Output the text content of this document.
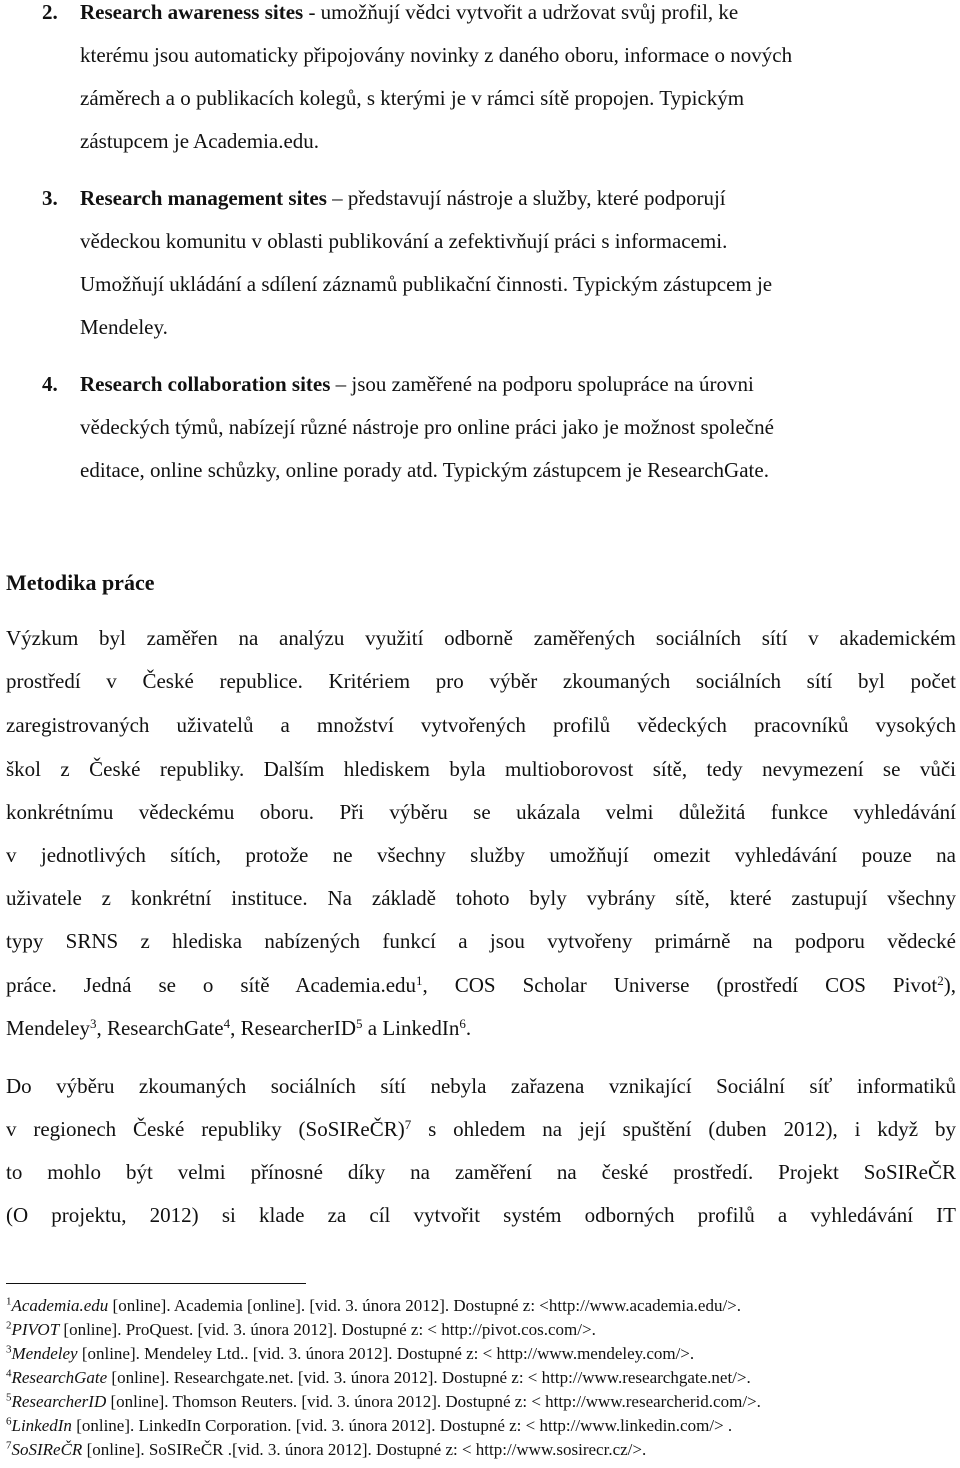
2. Research awareness sites - umožňují vědci vytvořit a udržovat svůj profil, ke
kterému jsou automaticky připojovány novinky z daného oboru, informace o nových
záměrech a o publikacích kolegů, s kterými je v rámci sítě propojen. Typickým
zástupcem je Academia.edu.
3. Research management sites – představují nástroje a služby, které podporují
vědeckou komunitu v oblasti publikování a zefektivňují práci s informacemi.
Umožňují ukládání a sdílení záznamů publikační činnosti. Typickým zástupcem je
Mendeley.
4. Research collaboration sites – jsou zaměřené na podporu spolupráce na úrovni
vědeckých týmů, nabízejí různé nástroje pro online práci jako je možnost společné
editace, online schůzky, online porady atd. Typickým zástupcem je ResearchGate.
Metodika práce
Výzkum byl zaměřen na analýzu využití odborně zaměřených sociálních sítí v akademickém
prostředí v České republice. Kritériem pro výběr zkoumaných sociálních sítí byl počet
zaregistrovaných uživatelů a množství vytvořených profilů vědeckých pracovníků vysokých
škol z České republiky. Dalším hlediskem byla multioborovost sítě, tedy nevymezení se vůči
konkrétnímu vědeckému oboru. Při výběru se ukázala velmi důležitá funkce vyhledávání
v jednotlivých sítích, protože ne všechny služby umožňují omezit vyhledávání pouze na
uživatele z konkrétní instituce. Na základě tohoto byly vybrány sítě, které zastupují všechny
typy SRNS z hlediska nabízených funkcí a jsou vytvořeny primárně na podporu vědecké
práce. Jedná se o sítě Academia.edu$^1$, COS Scholar Universe (prostředí COS Pivot$^2$),
Mendeley$^3$, ResearchGate$^4$, ResearcherID$^5$ a LinkedIn$^6$.
Do výběru zkoumaných sociálních sítí nebyla zařazena vznikající Sociální síť informatiků
v regionech České republiky (SoSIReČR)$^7$ s ohledem na její spuštění (duben 2012), i když by
to mohlo být velmi přínosné díky na zaměření na české prostředí. Projekt SoSIReČR
(O projektu, 2012) si klade za cíl vytvořit systém odborných profilů a vyhledávání IT
$^1$Academia.edu [online]. Academia [online]. [vid. 3. února 2012]. Dostupné z: <http://www.academia.edu/>.
$^2$PIVOT [online]. ProQuest. [vid. 3. února 2012]. Dostupné z: < http://pivot.cos.com/>.
$^3$Mendeley [online]. Mendeley Ltd.. [vid. 3. února 2012]. Dostupné z: < http://www.mendeley.com/>.
$^4$ResearchGate [online]. Researchgate.net. [vid. 3. února 2012]. Dostupné z: < http://www.researchgate.net/>.
$^5$ResearcherID [online]. Thomson Reuters. [vid. 3. února 2012]. Dostupné z: < http://www.researcherid.com/>.
$^6$LinkedIn [online]. LinkedIn Corporation. [vid. 3. února 2012]. Dostupné z: < http://www.linkedin.com/> .
$^7$SoSIReČR [online]. SoSIReČR .[vid. 3. února 2012]. Dostupné z: < http://www.sosirecr.cz/>.
